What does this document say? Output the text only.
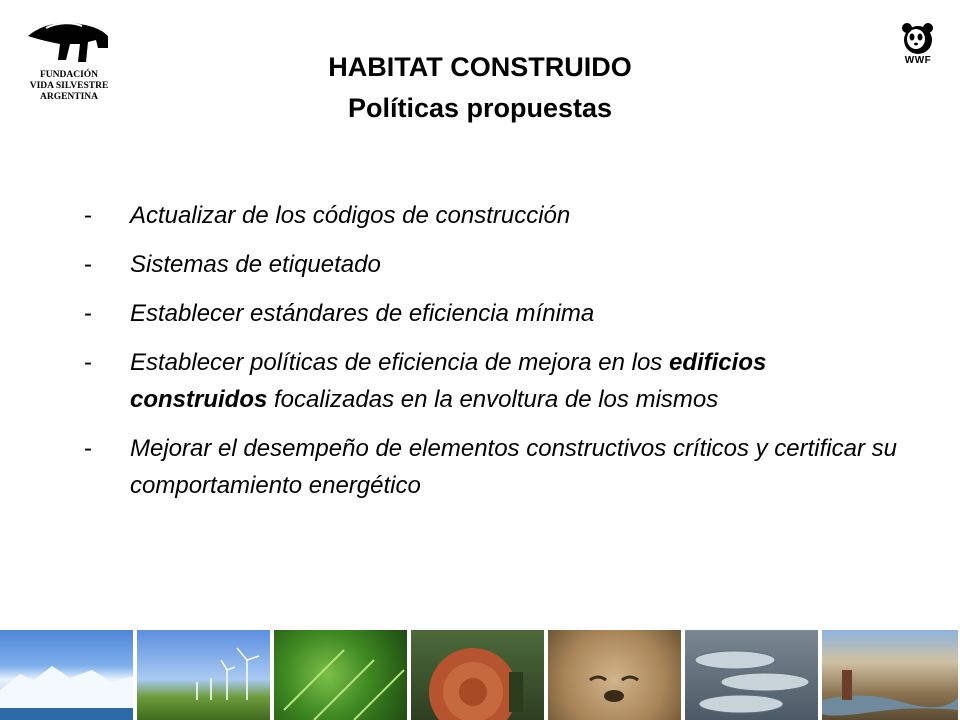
FUNDACIÓN
VIDA SILVESTRE
ARGENTINA
WWF
HABITAT CONSTRUIDO
Políticas propuestas
-	Actualizar de los códigos de construcción
-	Sistemas de etiquetado
-	Establecer estándares de eficiencia mínima
-	Establecer políticas de eficiencia de mejora en los edificios construidos focalizadas en la envoltura de los mismos
-	Mejorar el desempeño de elementos constructivos críticos y certificar su comportamiento energético
